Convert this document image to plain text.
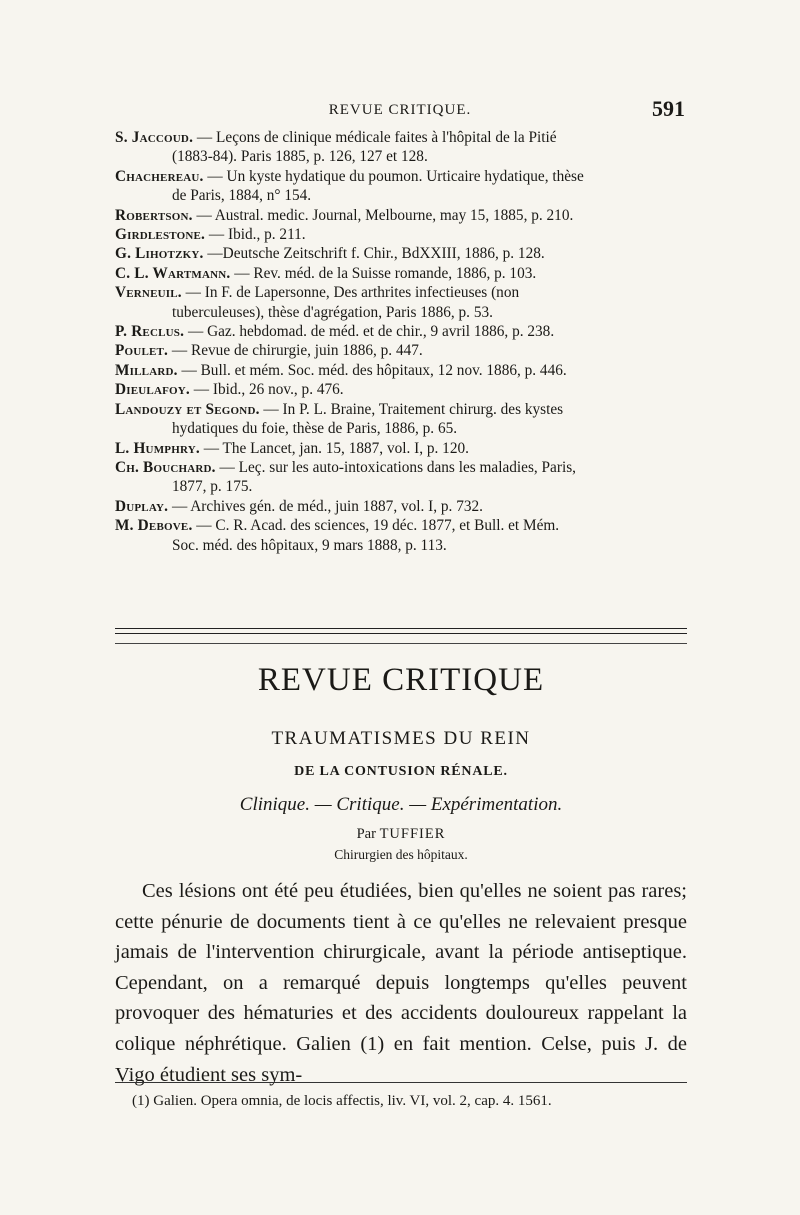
REVUE CRITIQUE.	591
S. Jaccoud. — Leçons de clinique médicale faites à l'hôpital de la Pitié
(1883-84). Paris 1885, p. 126, 127 et 128.
Chachereau. — Un kyste hydatique du poumon. Urticaire hydatique, thèse
de Paris, 1884, n° 154.
Robertson. — Austral. medic. Journal, Melbourne, may 15, 1885, p. 210.
Girdlestone. — Ibid., p. 211.
G. Lihotzky. —Deutsche Zeitschrift f. Chir., BdXXIII, 1886, p. 128.
C. L. Wartmann. — Rev. méd. de la Suisse romande, 1886, p. 103.
Verneuil. — In F. de Lapersonne, Des arthrites infectieuses (non
tuberculeuses), thèse d'agrégation, Paris 1886, p. 53.
P. Reclus. — Gaz. hebdomad. de méd. et de chir., 9 avril 1886, p. 238.
Poulet. — Revue de chirurgie, juin 1886, p. 447.
Millard. — Bull. et mém. Soc. méd. des hôpitaux, 12 nov. 1886, p. 446.
Dieulafoy. — Ibid., 26 nov., p. 476.
Landouzy et Segond. — In P. L. Braine, Traitement chirurg. des kystes
hydatiques du foie, thèse de Paris, 1886, p. 65.
L. Humphry. — The Lancet, jan. 15, 1887, vol. I, p. 120.
Ch. Bouchard. — Leç. sur les auto-intoxications dans les maladies, Paris,
1877, p. 175.
Duplay. — Archives gén. de méd., juin 1887, vol. I, p. 732.
M. Debove. — C. R. Acad. des sciences, 19 déc. 1877, et Bull. et Mém.
Soc. méd. des hôpitaux, 9 mars 1888, p. 113.
REVUE CRITIQUE
TRAUMATISMES DU REIN
DE LA CONTUSION RÉNALE.
Clinique. — Critique. — Expérimentation.
Par TUFFIER
Chirurgien des hôpitaux.

Ces lésions ont été peu étudiées, bien qu'elles ne soient pas rares; cette pénurie de documents tient à ce qu'elles ne relevaient presque jamais de l'intervention chirurgicale, avant la période antiseptique. Cependant, on a remarqué depuis longtemps qu'elles peuvent provoquer des hématuries et des accidents douloureux rappelant la colique néphrétique. Galien (1) en fait mention. Celse, puis J. de Vigo étudient ses sym-

(1) Galien. Opera omnia, de locis affectis, liv. VI, vol. 2, cap. 4. 1561.
